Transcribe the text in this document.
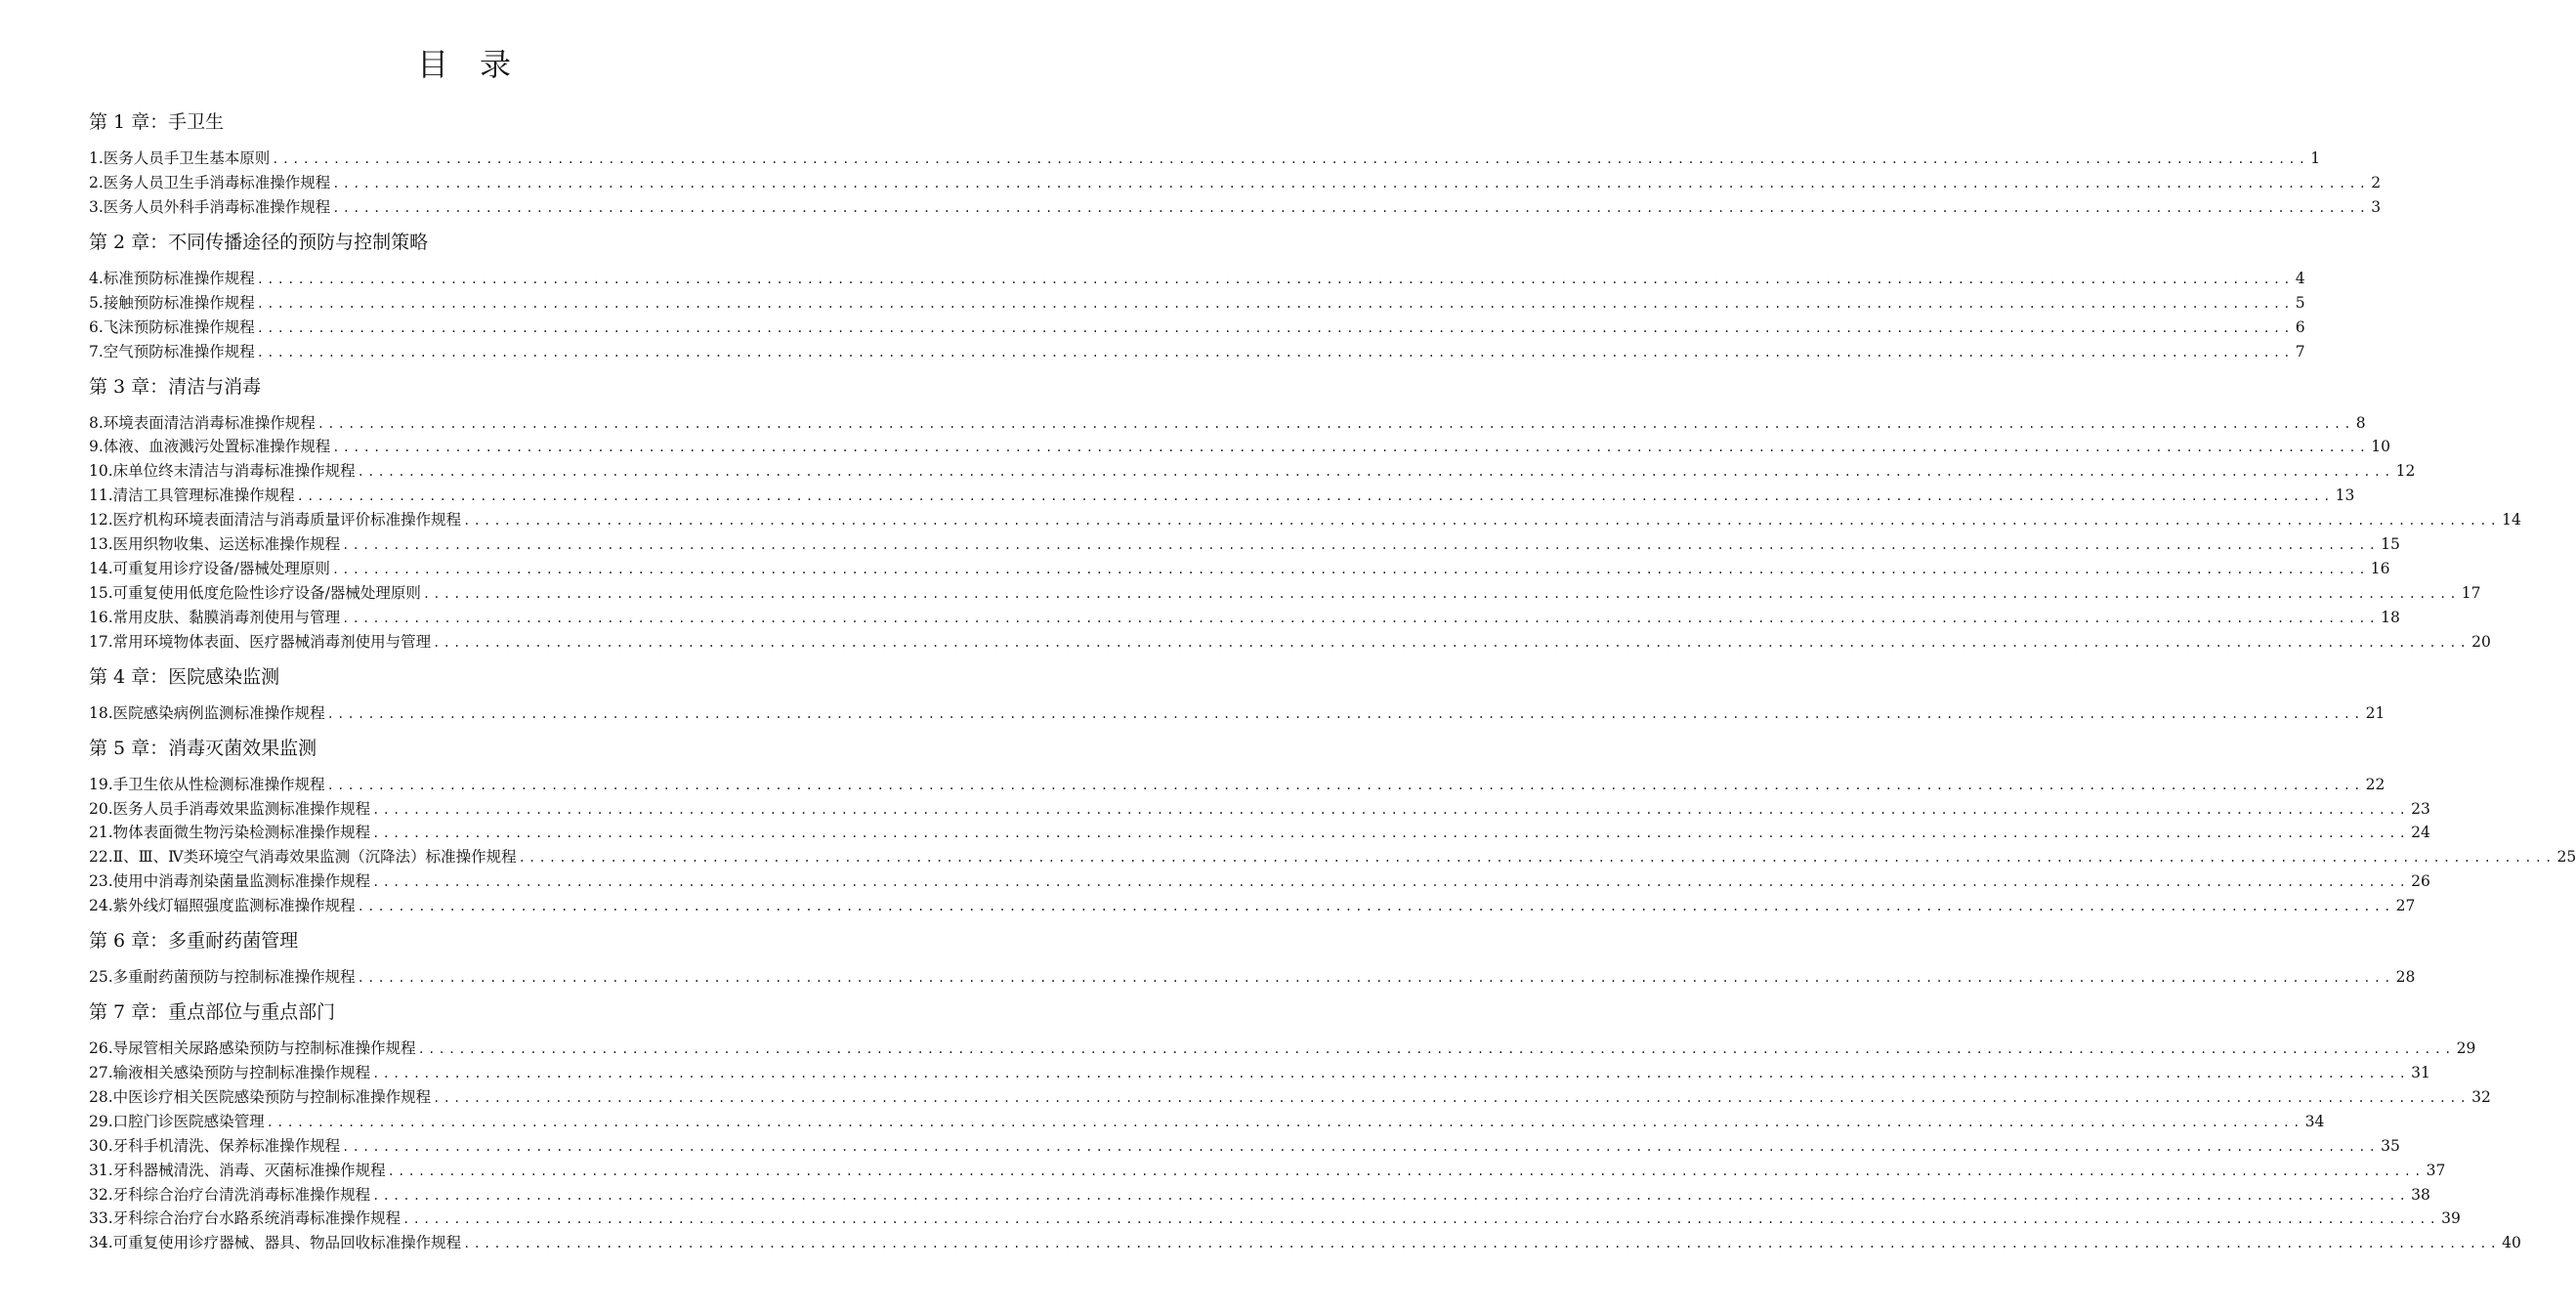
目　录
第 1 章：手卫生
1.医务人员手卫生基本原则 ........................................................................................................................................................................................................ 1
2.医务人员卫生手消毒标准操作规程 ........................................................................................................................................................................................................ 2
3.医务人员外科手消毒标准操作规程 ........................................................................................................................................................................................................ 3
第 2 章：不同传播途径的预防与控制策略
4.标准预防标准操作规程 ........................................................................................................................................................................................................ 4
5.接触预防标准操作规程 ........................................................................................................................................................................................................ 5
6.飞沫预防标准操作规程 ........................................................................................................................................................................................................ 6
7.空气预防标准操作规程 ........................................................................................................................................................................................................ 7
第 3 章：清洁与消毒
8.环境表面清洁消毒标准操作规程 ........................................................................................................................................................................................................ 8
9.体液、血液溅污处置标准操作规程 ........................................................................................................................................................................................................ 10
10.床单位终末清洁与消毒标准操作规程 ........................................................................................................................................................................................................ 12
11.清洁工具管理标准操作规程 ........................................................................................................................................................................................................ 13
12.医疗机构环境表面清洁与消毒质量评价标准操作规程 ........................................................................................................................................................................................................ 14
13.医用织物收集、运送标准操作规程 ........................................................................................................................................................................................................ 15
14.可重复用诊疗设备/器械处理原则 ........................................................................................................................................................................................................ 16
15.可重复使用低度危险性诊疗设备/器械处理原则 ........................................................................................................................................................................................................ 17
16.常用皮肤、黏膜消毒剂使用与管理 ........................................................................................................................................................................................................ 18
17.常用环境物体表面、医疗器械消毒剂使用与管理 ........................................................................................................................................................................................................ 20
第 4 章：医院感染监测
18.医院感染病例监测标准操作规程 ........................................................................................................................................................................................................ 21
第 5 章：消毒灭菌效果监测
19.手卫生依从性检测标准操作规程 ........................................................................................................................................................................................................ 22
20.医务人员手消毒效果监测标准操作规程 ........................................................................................................................................................................................................ 23
21.物体表面微生物污染检测标准操作规程 ........................................................................................................................................................................................................ 24
22.Ⅱ、Ⅲ、Ⅳ类环境空气消毒效果监测（沉降法）标准操作规程 ........................................................................................................................................................................................................ 25
23.使用中消毒剂染菌量监测标准操作规程 ........................................................................................................................................................................................................ 26
24.紫外线灯辐照强度监测标准操作规程 ........................................................................................................................................................................................................ 27
第 6 章：多重耐药菌管理
25.多重耐药菌预防与控制标准操作规程 ........................................................................................................................................................................................................ 28
第 7 章：重点部位与重点部门
26.导尿管相关尿路感染预防与控制标准操作规程 ........................................................................................................................................................................................................ 29
27.输液相关感染预防与控制标准操作规程 ........................................................................................................................................................................................................ 31
28.中医诊疗相关医院感染预防与控制标准操作规程 ........................................................................................................................................................................................................ 32
29.口腔门诊医院感染管理 ........................................................................................................................................................................................................ 34
30.牙科手机清洗、保养标准操作规程 ........................................................................................................................................................................................................ 35
31.牙科器械清洗、消毒、灭菌标准操作规程 ........................................................................................................................................................................................................ 37
32.牙科综合治疗台清洗消毒标准操作规程 ........................................................................................................................................................................................................ 38
33.牙科综合治疗台水路系统消毒标准操作规程 ........................................................................................................................................................................................................ 39
34.可重复使用诊疗器械、器具、物品回收标准操作规程 ........................................................................................................................................................................................................ 40
